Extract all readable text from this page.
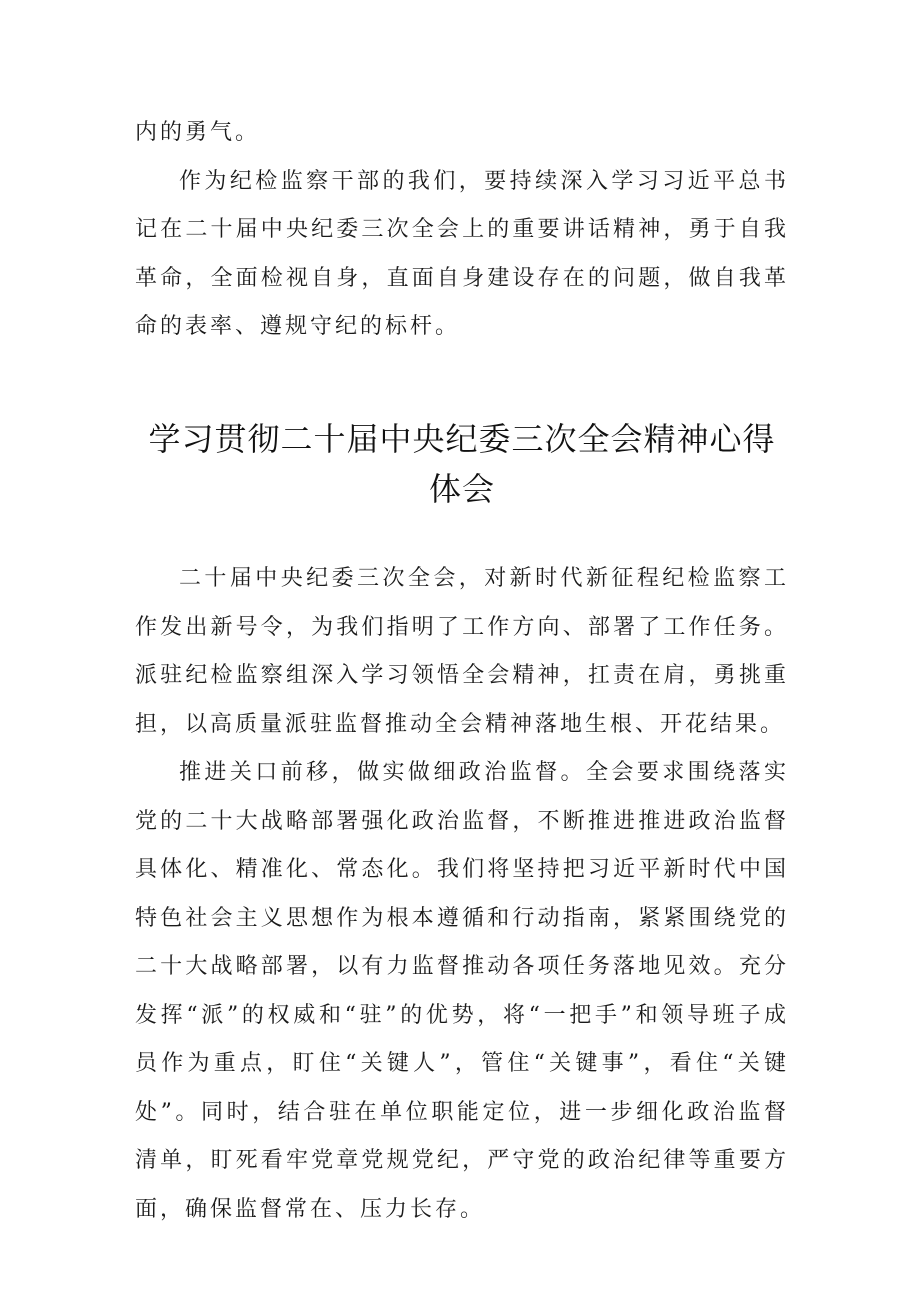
内的勇气。

作为纪检监察干部的我们，要持续深入学习习近平总书记在二十届中央纪委三次全会上的重要讲话精神，勇于自我革命，全面检视自身，直面自身建设存在的问题，做自我革命的表率、遵规守纪的标杆。

学习贯彻二十届中央纪委三次全会精神心得体会

二十届中央纪委三次全会，对新时代新征程纪检监察工作发出新号令，为我们指明了工作方向、部署了工作任务。派驻纪检监察组深入学习领悟全会精神，扛责在肩，勇挑重担，以高质量派驻监督推动全会精神落地生根、开花结果。

推进关口前移，做实做细政治监督。全会要求围绕落实党的二十大战略部署强化政治监督，不断推进推进政治监督具体化、精准化、常态化。我们将坚持把习近平新时代中国特色社会主义思想作为根本遵循和行动指南，紧紧围绕党的二十大战略部署，以有力监督推动各项任务落地见效。充分发挥“派”的权威和“驻”的优势，将“一把手”和领导班子成员作为重点，盯住“关键人”，管住“关键事”，看住“关键处”。同时，结合驻在单位职能定位，进一步细化政治监督清单，盯死看牢党章党规党纪，严守党的政治纪律等重要方面，确保监督常在、压力长存。
